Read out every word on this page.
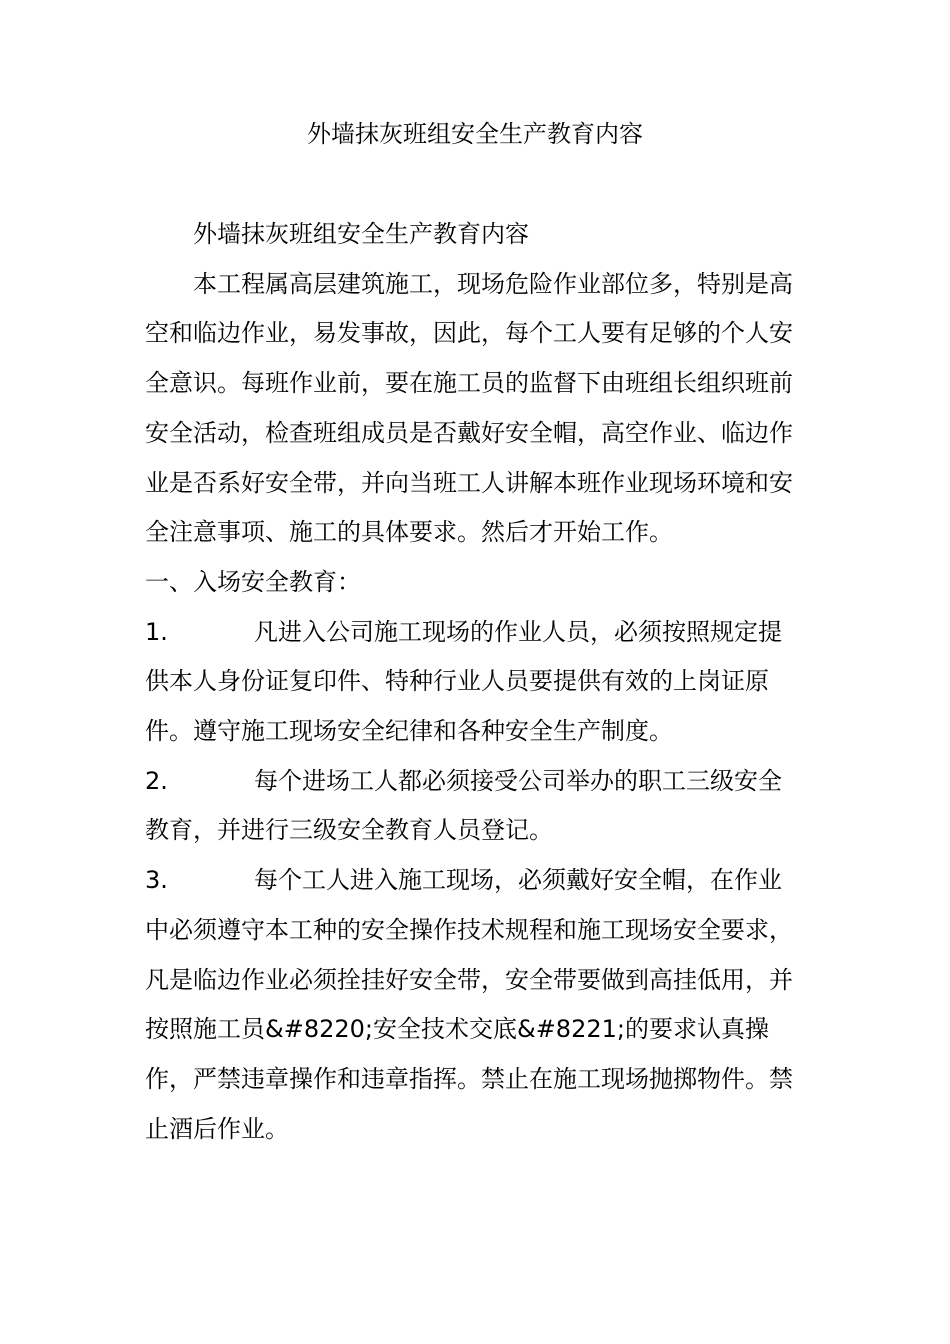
外墙抹灰班组安全生产教育内容

外墙抹灰班组安全生产教育内容

本工程属高层建筑施工，现场危险作业部位多，特别是高空和临边作业，易发事故，因此，每个工人要有足够的个人安全意识。每班作业前，要在施工员的监督下由班组长组织班前安全活动，检查班组成员是否戴好安全帽，高空作业、临边作业是否系好安全带，并向当班工人讲解本班作业现场环境和安全注意事项、施工的具体要求。然后才开始工作。

一、入场安全教育：

1.	凡进入公司施工现场的作业人员，必须按照规定提供本人身份证复印件、特种行业人员要提供有效的上岗证原件。遵守施工现场安全纪律和各种安全生产制度。

2.	每个进场工人都必须接受公司举办的职工三级安全教育，并进行三级安全教育人员登记。

3.	每个工人进入施工现场，必须戴好安全帽，在作业中必须遵守本工种的安全操作技术规程和施工现场安全要求，凡是临边作业必须拴挂好安全带，安全带要做到高挂低用，并按照施工员&#8220;安全技术交底&#8221;的要求认真操作，严禁违章操作和违章指挥。禁止在施工现场抛掷物件。禁止酒后作业。
